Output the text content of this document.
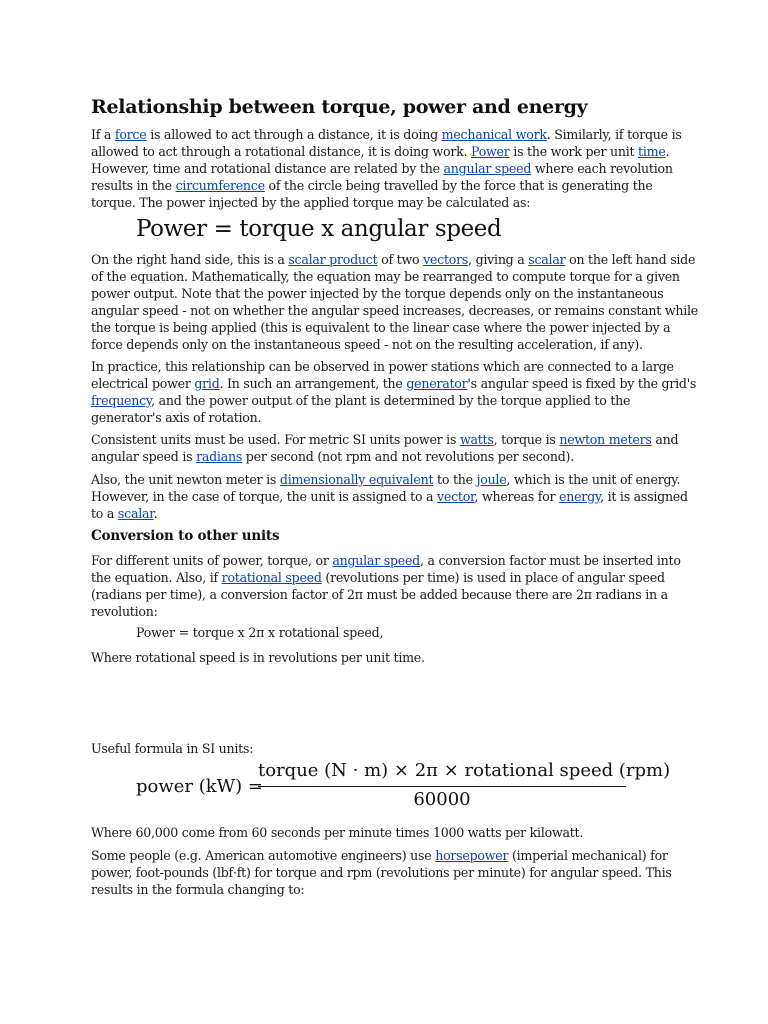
Relationship between torque, power and energy
If a force is allowed to act through a distance, it is doing mechanical work. Similarly, if torque is
allowed to act through a rotational distance, it is doing work. Power is the work per unit time.
However, time and rotational distance are related by the angular speed where each revolution
results in the circumference of the circle being travelled by the force that is generating the
torque. The power injected by the applied torque may be calculated as:
Power = torque x angular speed
On the right hand side, this is a scalar product of two vectors, giving a scalar on the left hand side
of the equation. Mathematically, the equation may be rearranged to compute torque for a given
power output. Note that the power injected by the torque depends only on the instantaneous
angular speed - not on whether the angular speed increases, decreases, or remains constant while
the torque is being applied (this is equivalent to the linear case where the power injected by a
force depends only on the instantaneous speed - not on the resulting acceleration, if any).
In practice, this relationship can be observed in power stations which are connected to a large
electrical power grid. In such an arrangement, the generator's angular speed is fixed by the grid's
frequency, and the power output of the plant is determined by the torque applied to the
generator's axis of rotation.
Consistent units must be used. For metric SI units power is watts, torque is newton meters and
angular speed is radians per second (not rpm and not revolutions per second).
Also, the unit newton meter is dimensionally equivalent to the joule, which is the unit of energy.
However, in the case of torque, the unit is assigned to a vector, whereas for energy, it is assigned
to a scalar.
Conversion to other units
For different units of power, torque, or angular speed, a conversion factor must be inserted into
the equation. Also, if rotational speed (revolutions per time) is used in place of angular speed
(radians per time), a conversion factor of 2π must be added because there are 2π radians in a
revolution:
Power = torque x 2π x rotational speed,
Where rotational speed is in revolutions per unit time.
Useful formula in SI units:
power (kW) =
torque (N · m) × 2π × rotational speed (rpm)
60000
Where 60,000 come from 60 seconds per minute times 1000 watts per kilowatt.
Some people (e.g. American automotive engineers) use horsepower (imperial mechanical) for
power, foot-pounds (lbf·ft) for torque and rpm (revolutions per minute) for angular speed. This
results in the formula changing to:
